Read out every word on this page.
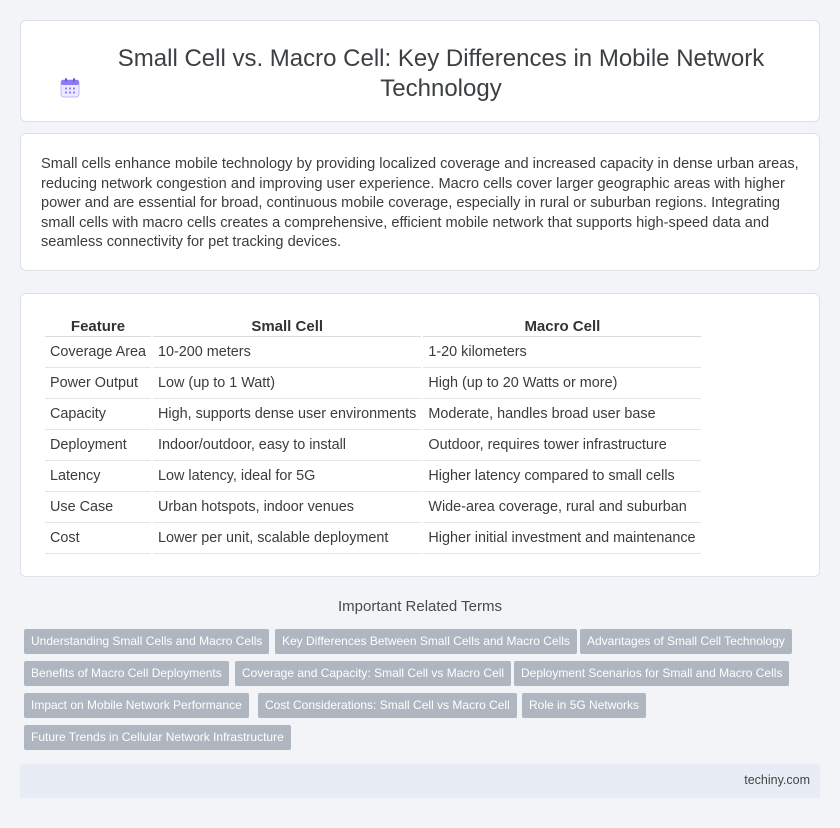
Small Cell vs. Macro Cell: Key Differences in Mobile Network Technology

Small cells enhance mobile technology by providing localized coverage and increased capacity in dense urban areas, reducing network congestion and improving user experience. Macro cells cover larger geographic areas with higher power and are essential for broad, continuous mobile coverage, especially in rural or suburban regions. Integrating small cells with macro cells creates a comprehensive, efficient mobile network that supports high-speed data and seamless connectivity for pet tracking devices.

Feature	Small Cell	Macro Cell
Coverage Area	10-200 meters	1-20 kilometers
Power Output	Low (up to 1 Watt)	High (up to 20 Watts or more)
Capacity	High, supports dense user environments	Moderate, handles broad user base
Deployment	Indoor/outdoor, easy to install	Outdoor, requires tower infrastructure
Latency	Low latency, ideal for 5G	Higher latency compared to small cells
Use Case	Urban hotspots, indoor venues	Wide-area coverage, rural and suburban
Cost	Lower per unit, scalable deployment	Higher initial investment and maintenance
Important Related Terms
Understanding Small Cells and Macro Cells	Key Differences Between Small Cells and Macro Cells	Advantages of Small Cell Technology
Benefits of Macro Cell Deployments	Coverage and Capacity: Small Cell vs Macro Cell	Deployment Scenarios for Small and Macro Cells
Impact on Mobile Network Performance	Cost Considerations: Small Cell vs Macro Cell	Role in 5G Networks
Future Trends in Cellular Network Infrastructure
techiny.com
